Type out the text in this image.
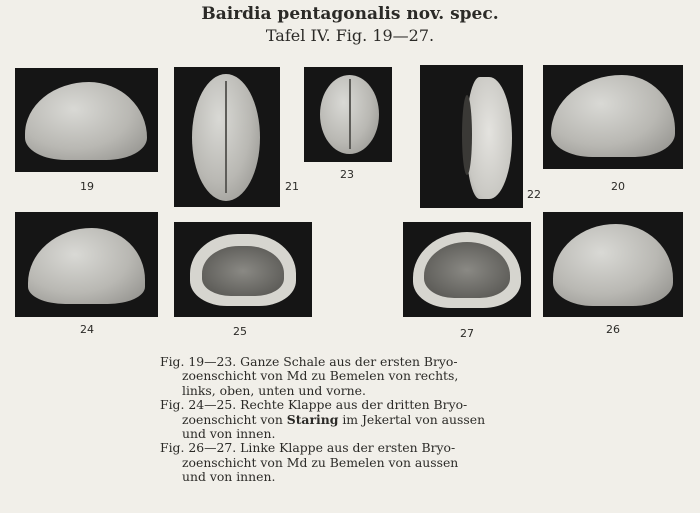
Bairdia pentagonalis nov. spec.
Tafel IV. Fig. 19—27.
19	21
23
22
20
24	25	27	26

Fig. 19—23. Ganze Schale aus der ersten Bryo-
zoenschicht von Md zu Bemelen von rechts,
links, oben, unten und vorne.

Fig. 24—25. Rechte Klappe aus der dritten Bryo-
zoenschicht von Staring im Jekertal von aussen
und von innen.

Fig. 26—27. Linke Klappe aus der ersten Bryo-
zoenschicht von Md zu Bemelen von aussen
und von innen.
